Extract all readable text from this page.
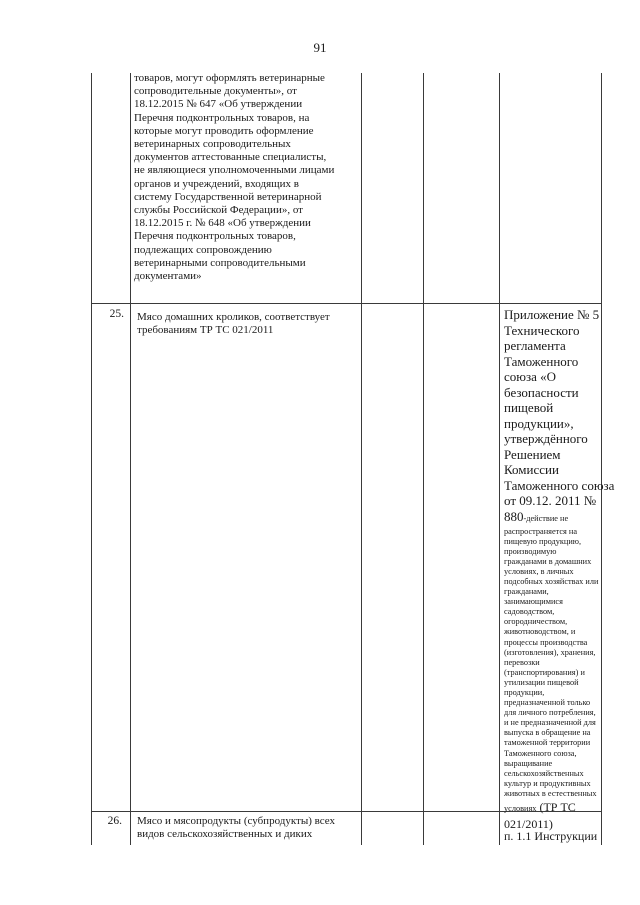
91
товаров, могут оформлять ветеринарные
сопроводительные документы», от
18.12.2015 № 647 «Об утверждении
Перечня подконтрольных товаров, на
которые могут проводить оформление
ветеринарных сопроводительных
документов аттестованные специалисты,
не являющиеся уполномоченными лицами
органов и учреждений, входящих в
систему Государственной ветеринарной
службы Российской Федерации», от
18.12.2015 г. № 648 «Об утверждении
Перечня подконтрольных товаров,
подлежащих сопровождению
ветеринарными сопроводительными
документами»
25. Мясо домашних кроликов, соответствует
требованиям ТР ТС 021/2011
Приложение № 5
Технического
регламента
Таможенного
союза «О
безопасности
пищевой
продукции»,
утверждённого
Решением
Комиссии
Таможенного союза
от 09.12. 2011 №
880-действие не
распространяется на
пищевую продукцию,
производимую
гражданами в домашних
условиях, в личных
подсобных хозяйствах или
гражданами,
занимающимися
садоводством,
огородничеством,
животноводством, и
процессы производства
(изготовления), хранения,
перевозки
(транспортирования) и
утилизации пищевой
продукции,
предназначенной только
для личного потребления,
и не предназначенной для
выпуска в обращение на
таможенной территории
Таможенного союза,
выращивание
сельскохозяйственных
культур и продуктивных
животных в естественных
условиях (ТР ТС
021/2011)
26. Мясо и мясопродукты (субпродукты) всех
видов сельскохозяйственных и диких	п. 1.1 Инструкции
